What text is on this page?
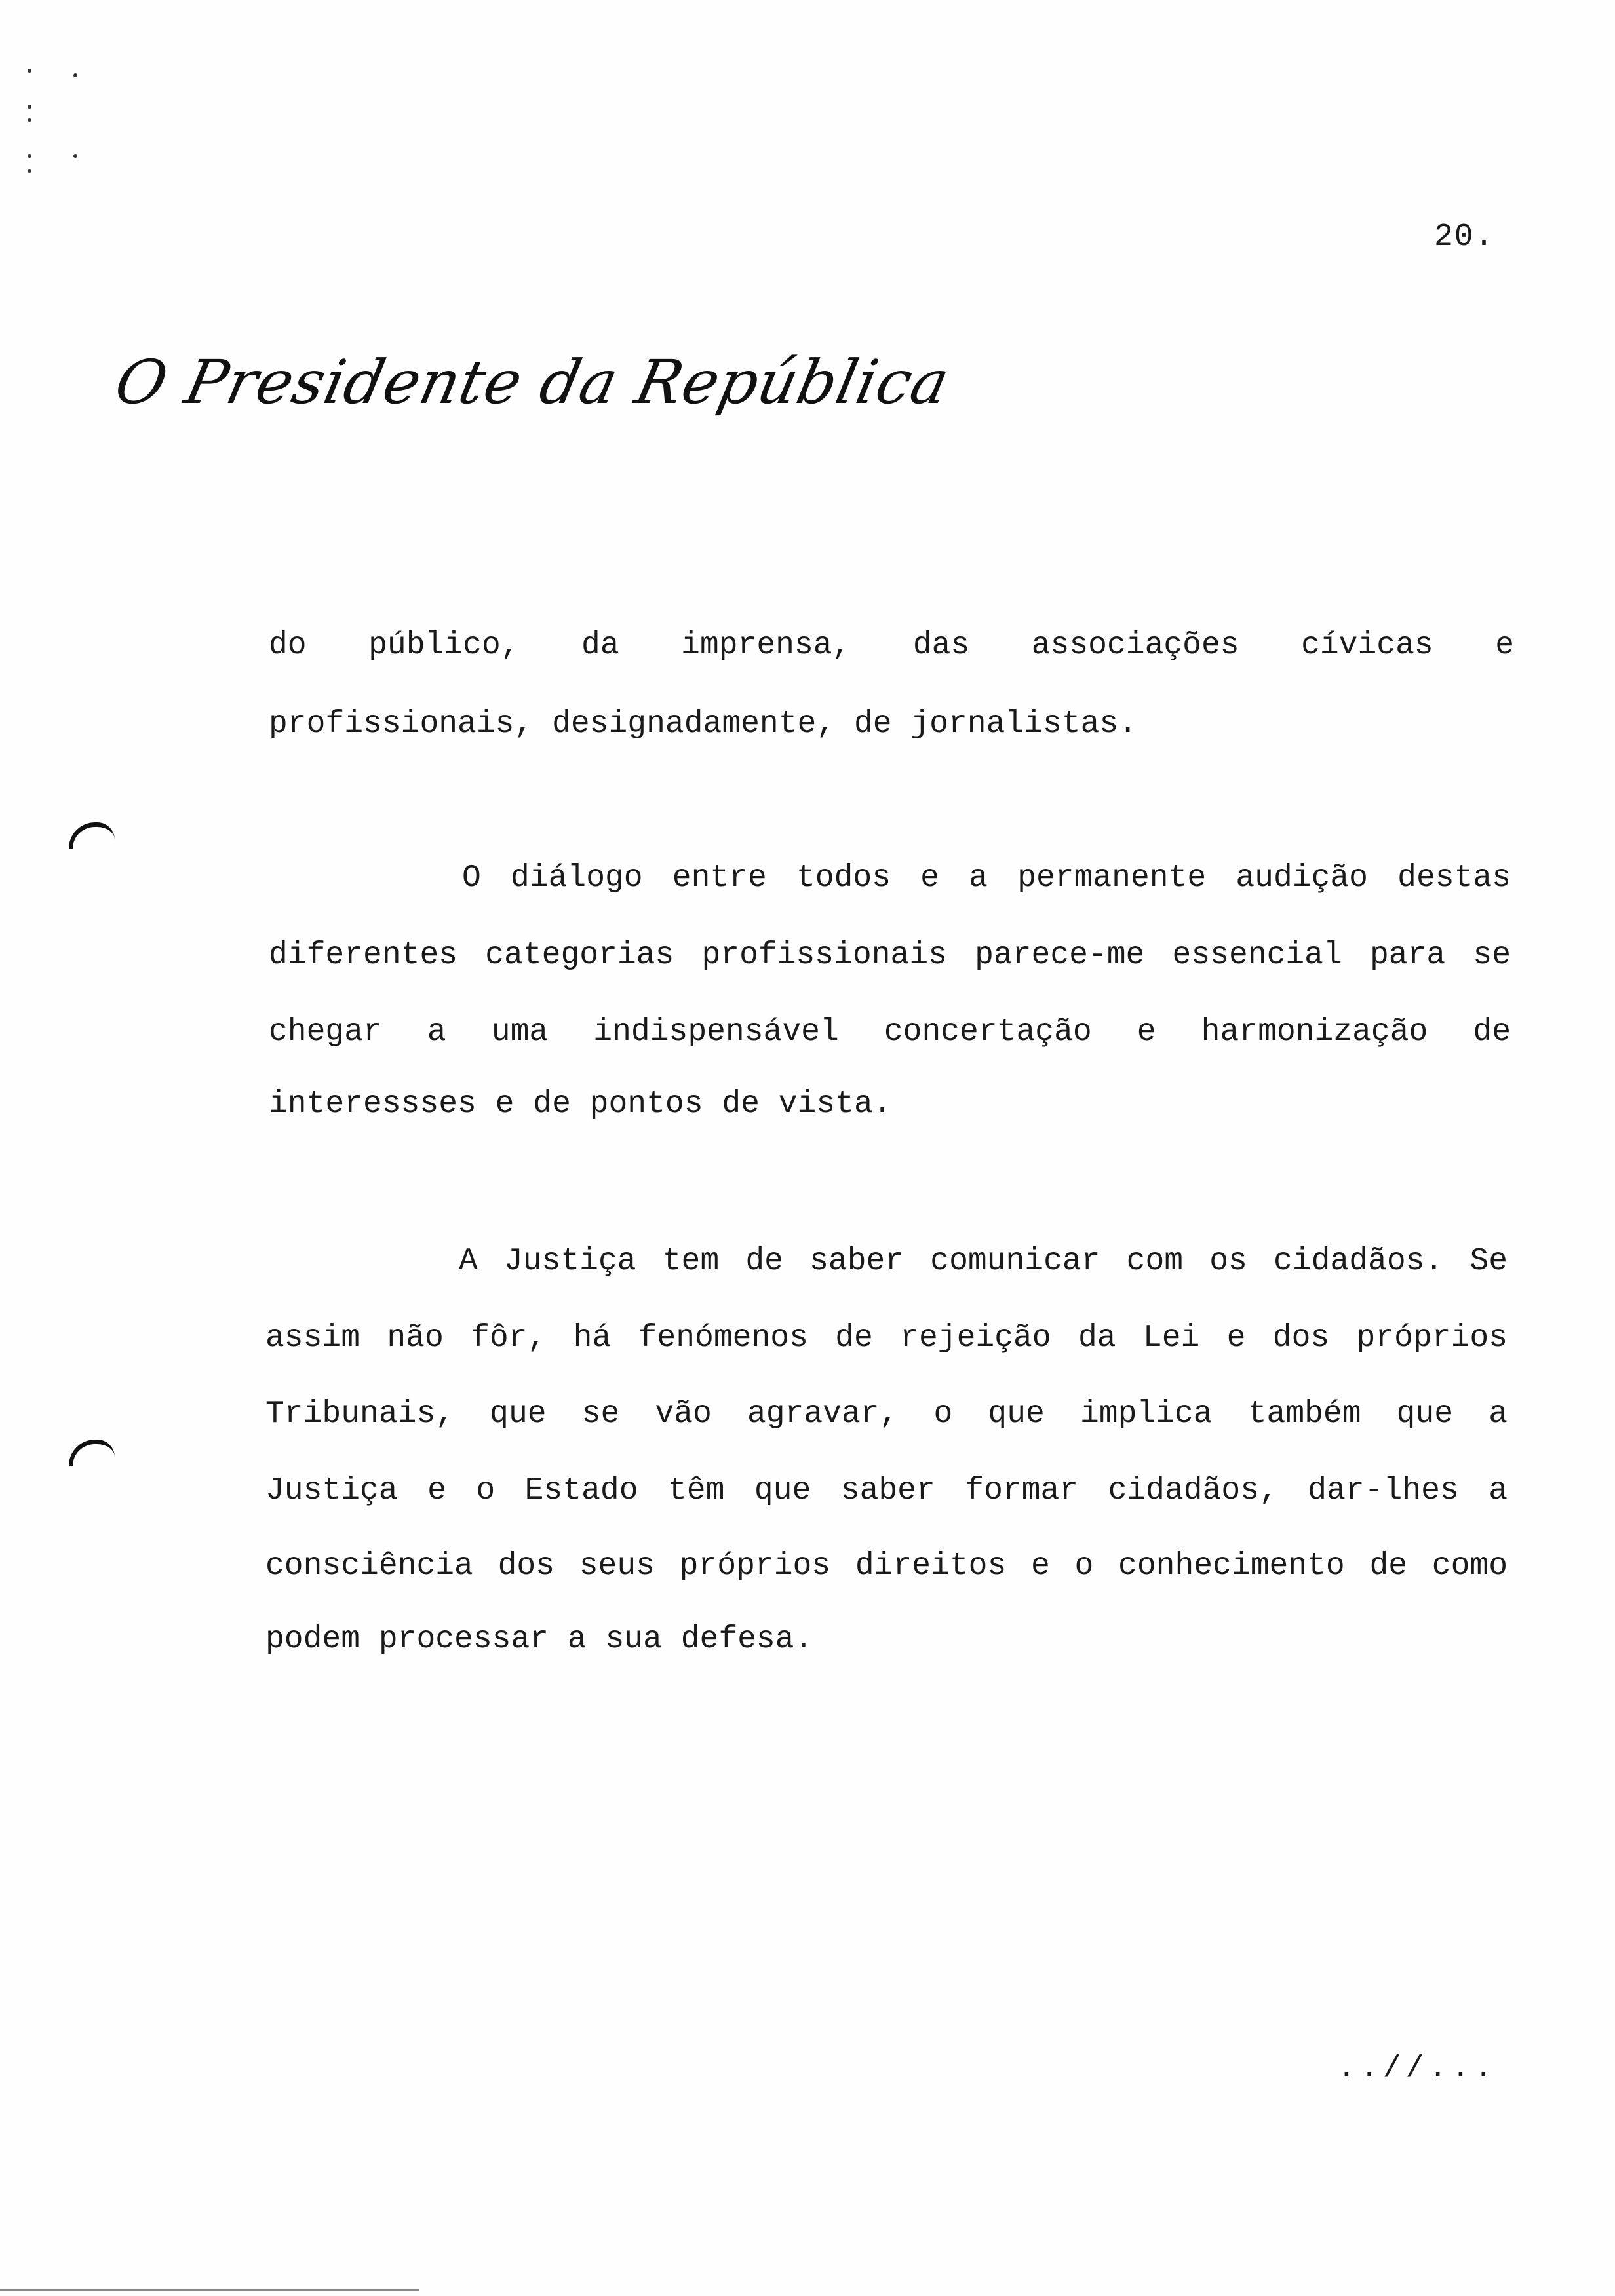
20.
O Presidente da República
do público, da imprensa, das associações cívicas e
profissionais, designadamente, de jornalistas.
O diálogo entre todos e a permanente audição destas
diferentes categorias profissionais parece-me essencial para se
chegar a uma indispensável concertação e harmonização de
interessses e de pontos de vista.
A Justiça tem de saber comunicar com os cidadãos. Se
assim não fôr, há fenómenos de rejeição da Lei e dos próprios
Tribunais, que se vão agravar, o que implica também que a
Justiça e o Estado têm que saber formar cidadãos, dar-lhes a
consciência dos seus próprios direitos e o conhecimento de como
podem processar a sua defesa.
..//...
